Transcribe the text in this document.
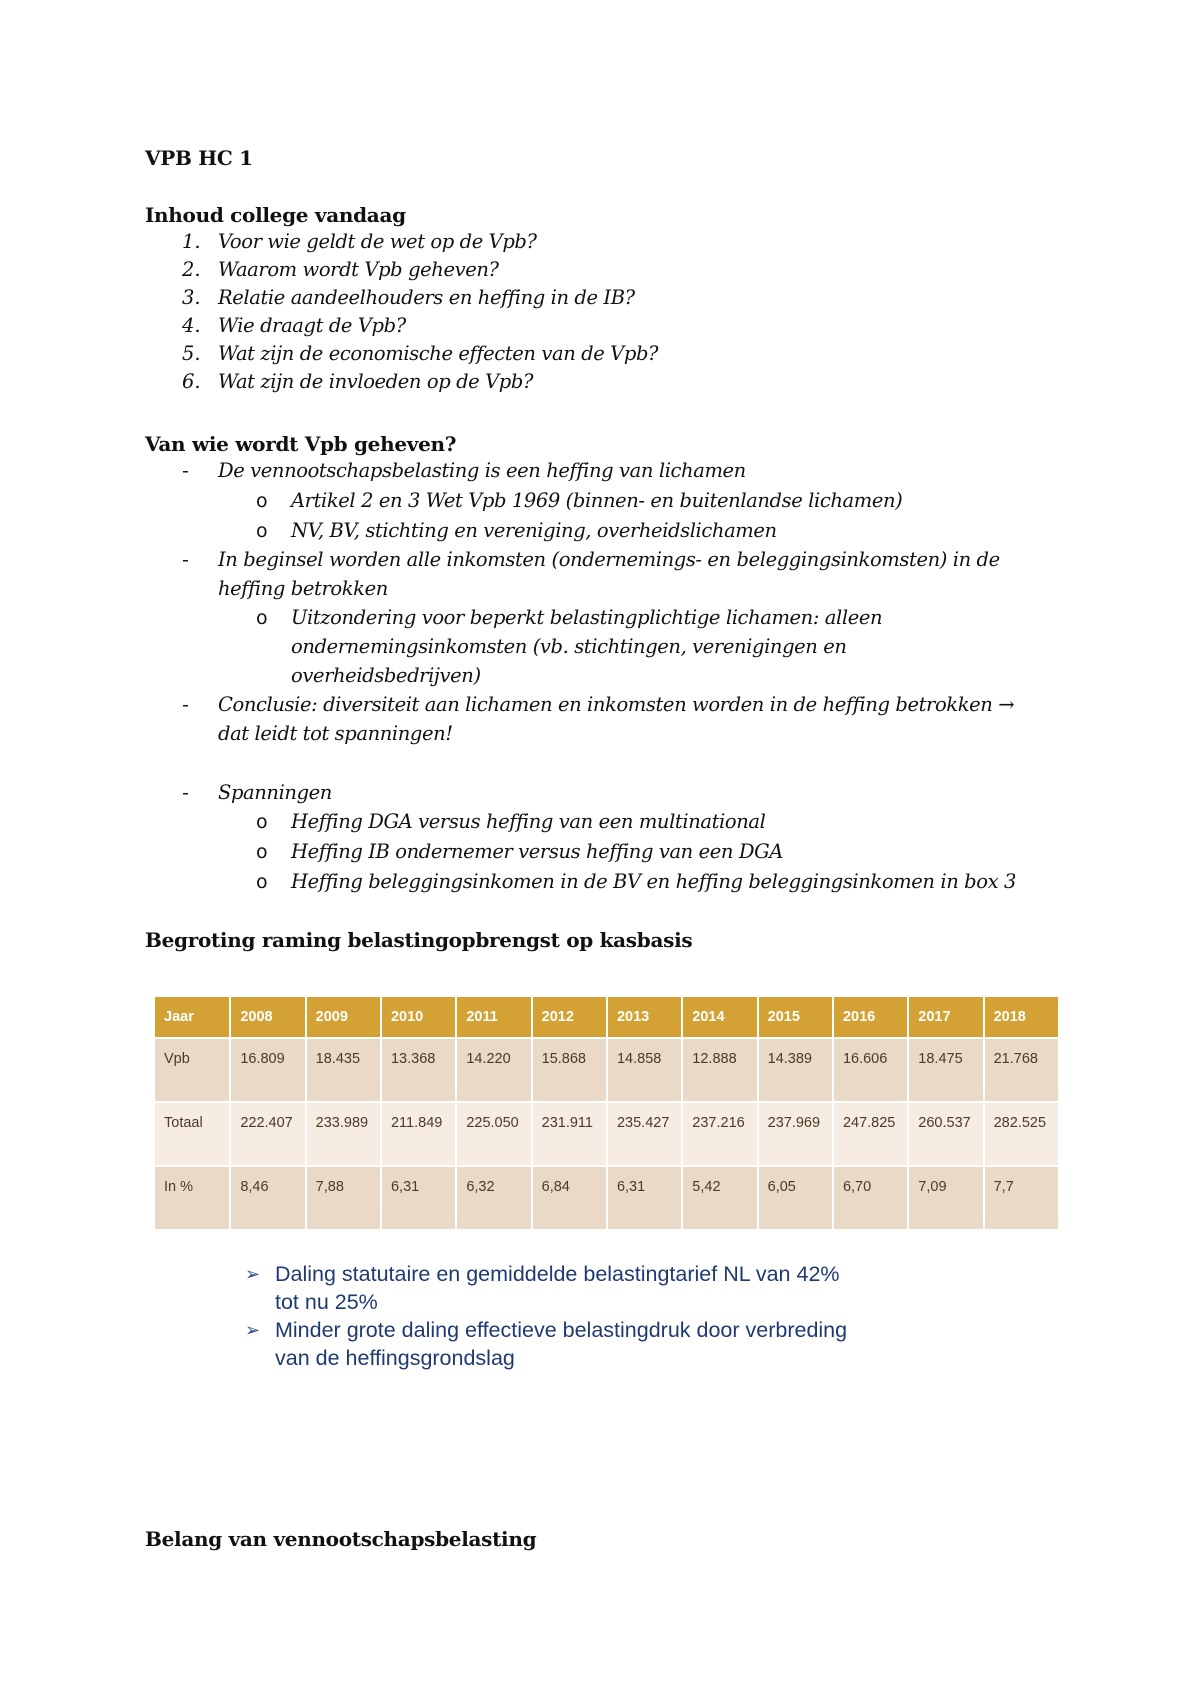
VPB HC 1
Inhoud college vandaag
1. Voor wie geldt de wet op de Vpb?
2. Waarom wordt Vpb geheven?
3. Relatie aandeelhouders en heffing in de IB?
4. Wie draagt de Vpb?
5. Wat zijn de economische effecten van de Vpb?
6. Wat zijn de invloeden op de Vpb?
Van wie wordt Vpb geheven?
- De vennootschapsbelasting is een heffing van lichamen
o Artikel 2 en 3 Wet Vpb 1969 (binnen- en buitenlandse lichamen)
o NV, BV, stichting en vereniging, overheidslichamen
- In beginsel worden alle inkomsten (ondernemings- en beleggingsinkomsten) in de
heffing betrokken
o Uitzondering voor beperkt belastingplichtige lichamen: alleen
ondernemingsinkomsten (vb. stichtingen, verenigingen en
overheidsbedrijven)
- Conclusie: diversiteit aan lichamen en inkomsten worden in de heffing betrokken →
dat leidt tot spanningen!
- Spanningen
o Heffing DGA versus heffing van een multinational
o Heffing IB ondernemer versus heffing van een DGA
o Heffing beleggingsinkomen in de BV en heffing beleggingsinkomen in box 3
Begroting raming belastingopbrengst op kasbasis
Jaar	2008	2009	2010	2011	2012	2013	2014	2015	2016	2017	2018
Vpb	16.809	18.435	13.368	14.220	15.868	14.858	12.888	14.389	16.606	18.475	21.768
Totaal	222.407	233.989	211.849	225.050	231.911	235.427	237.216	237.969	247.825	260.537	282.525
In %	8,46	7,88	6,31	6,32	6,84	6,31	5,42	6,05	6,70	7,09	7,7
➢ Daling statutaire en gemiddelde belastingtarief NL van 42%
tot nu 25%
➢ Minder grote daling effectieve belastingdruk door verbreding
van de heffingsgrondslag
Belang van vennootschapsbelasting
